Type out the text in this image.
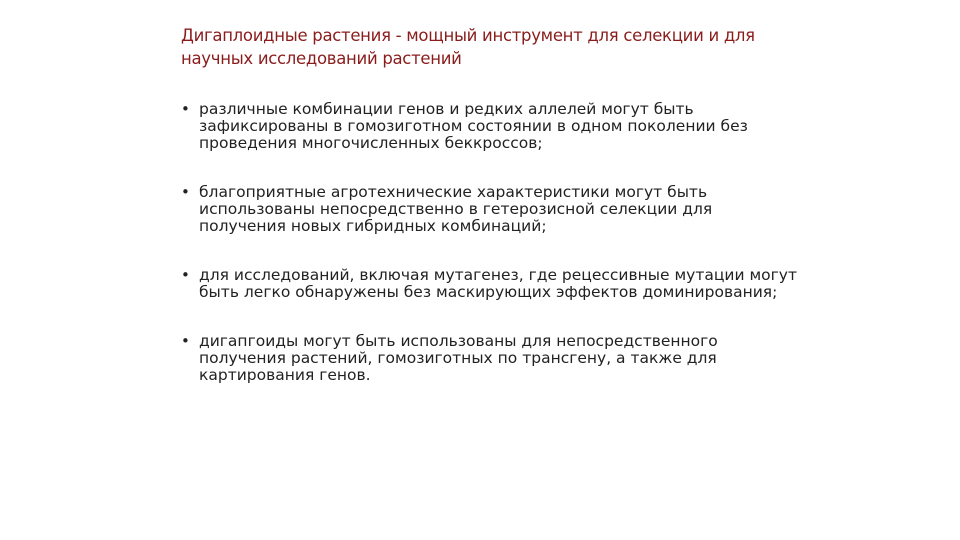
Дигаплоидные растения - мощный инструмент для селекции и для научных исследований растений
• различные комбинации генов и редких аллелей могут быть зафиксированы в гомозиготном состоянии в одном поколении без проведения многочисленных беккроссов;
• благоприятные агротехнические характеристики могут быть использованы непосредственно в гетерозисной селекции для получения новых гибридных комбинаций;
• для исследований, включая мутагенез, где рецессивные мутации могут быть легко обнаружены без маскирующих эффектов доминирования;
• дигапгоиды могут быть использованы для непосредственного получения растений, гомозиготных по трансгену, а также для картирования генов.
